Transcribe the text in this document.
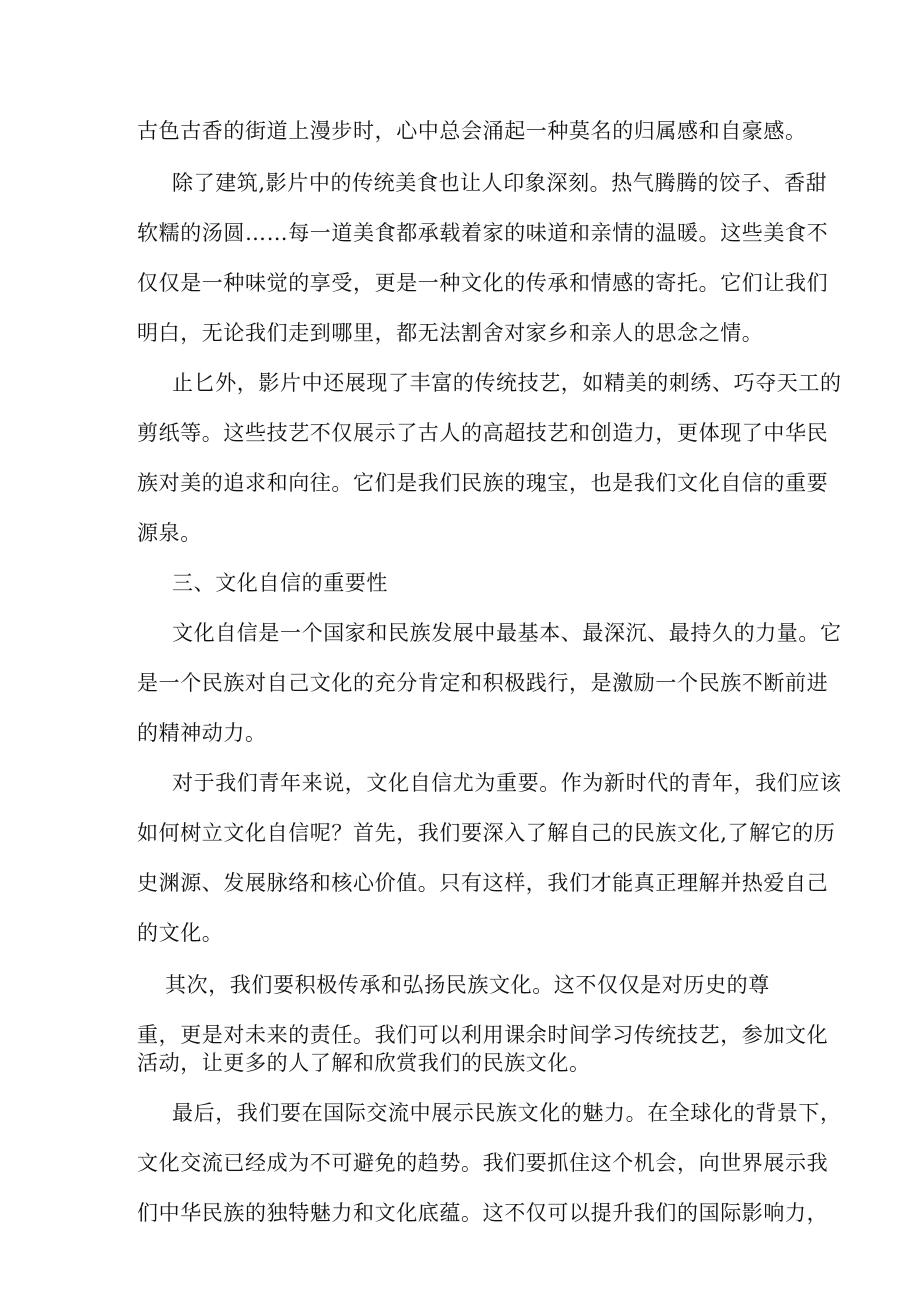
古色古香的街道上漫步时，心中总会涌起一种莫名的归属感和自豪感。
除了建筑,影片中的传统美食也让人印象深刻。热气腾腾的饺子、香甜
软糯的汤圆……每一道美食都承载着家的味道和亲情的温暖。这些美食不
仅仅是一种味觉的享受，更是一种文化的传承和情感的寄托。它们让我们
明白，无论我们走到哪里，都无法割舍对家乡和亲人的思念之情。
止匕外，影片中还展现了丰富的传统技艺，如精美的刺绣、巧夺天工的
剪纸等。这些技艺不仅展示了古人的高超技艺和创造力，更体现了中华民
族对美的追求和向往。它们是我们民族的瑰宝，也是我们文化自信的重要
源泉。
三、文化自信的重要性
文化自信是一个国家和民族发展中最基本、最深沉、最持久的力量。它
是一个民族对自己文化的充分肯定和积极践行，是激励一个民族不断前进
的精神动力。
对于我们青年来说，文化自信尤为重要。作为新时代的青年，我们应该
如何树立文化自信呢？首先，我们要深入了解自己的民族文化,了解它的历
史渊源、发展脉络和核心价值。只有这样，我们才能真正理解并热爱自己
的文化。
其次，我们要积极传承和弘扬民族文化。这不仅仅是对历史的尊
重，更是对未来的责任。我们可以利用课余时间学习传统技艺，参加文化
活动，让更多的人了解和欣赏我们的民族文化。
最后，我们要在国际交流中展示民族文化的魅力。在全球化的背景下，
文化交流已经成为不可避免的趋势。我们要抓住这个机会，向世界展示我
们中华民族的独特魅力和文化底蕴。这不仅可以提升我们的国际影响力，
